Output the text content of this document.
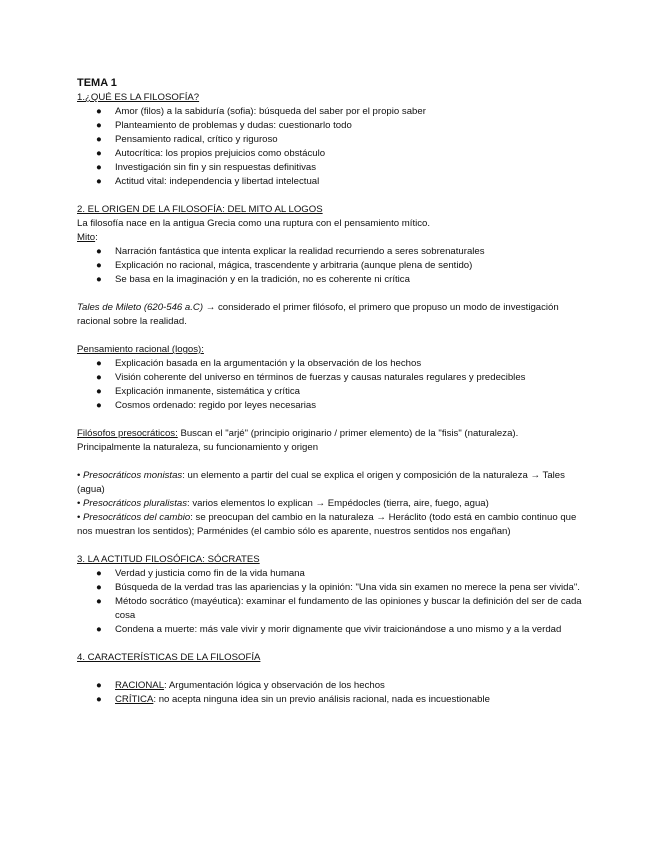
TEMA 1
1.¿QUÉ ES LA FILOSOFÍA?
● Amor (filos) a la sabiduría (sofia): búsqueda del saber por el propio saber
● Planteamiento de problemas y dudas: cuestionarlo todo
● Pensamiento radical, crítico y riguroso
● Autocrítica: los propios prejuicios como obstáculo
● Investigación sin fin y sin respuestas definitivas
● Actitud vital: independencia y libertad intelectual
2. EL ORIGEN DE LA FILOSOFÍA: DEL MITO AL LOGOS

La filosofía nace en la antigua Grecia como una ruptura con el pensamiento mítico.

Mito:

● Narración fantástica que intenta explicar la realidad recurriendo a seres sobrenaturales
● Explicación no racional, mágica, trascendente y arbitraria (aunque plena de sentido)
● Se basa en la imaginación y en la tradición, no es coherente ni crítica

Tales de Mileto (620-546 a.C) → considerado el primer filósofo, el primero que propuso un modo de investigación racional sobre la realidad.

Pensamiento racional (logos):

● Explicación basada en la argumentación y la observación de los hechos
● Visión coherente del universo en términos de fuerzas y causas naturales regulares y predecibles
● Explicación inmanente, sistemática y crítica
● Cosmos ordenado: regido por leyes necesarias

Filósofos presocráticos: Buscan el "arjé" (principio originario / primer elemento) de la "fisis" (naturaleza). Principalmente la naturaleza, su funcionamiento y origen

• Presocráticos monistas: un elemento a partir del cual se explica el origen y composición de la naturaleza → Tales (agua)

• Presocráticos pluralistas: varios elementos lo explican → Empédocles (tierra, aire, fuego, agua)

• Presocráticos del cambio: se preocupan del cambio en la naturaleza → Heráclito (todo está en cambio continuo que nos muestran los sentidos); Parménides (el cambio sólo es aparente, nuestros sentidos nos engañan)

3. LA ACTITUD FILOSÓFICA: SÓCRATES
● Verdad y justicia como fin de la vida humana
● Búsqueda de la verdad tras las apariencias y la opinión: "Una vida sin examen no merece la pena ser vivida".
● Método socrático (mayéutica): examinar el fundamento de las opiniones y buscar la definición del ser de cada cosa
● Condena a muerte: más vale vivir y morir dignamente que vivir traicionándose a uno mismo y a la verdad
4. CARACTERÍSTICAS DE LA FILOSOFÍA
● RACIONAL: Argumentación lógica y observación de los hechos
● CRÍTICA: no acepta ninguna idea sin un previo análisis racional, nada es incuestionable
